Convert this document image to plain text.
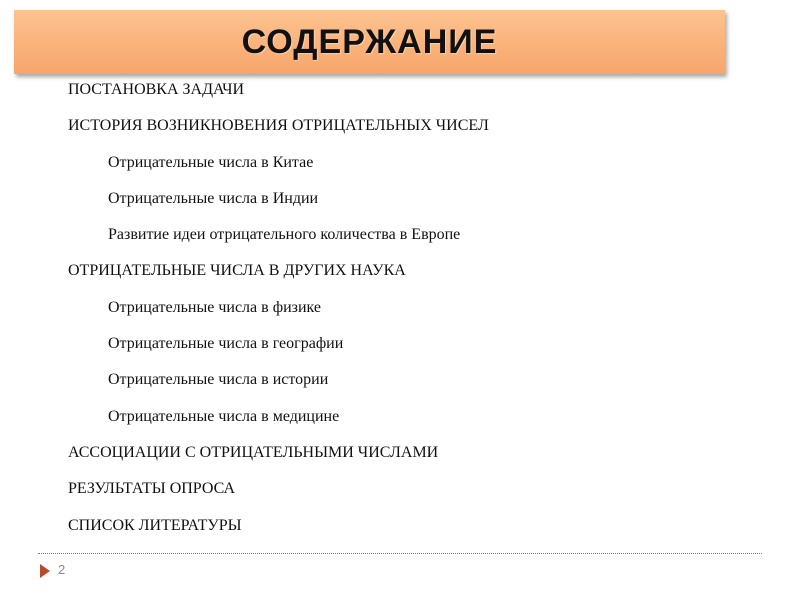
СОДЕРЖАНИЕ
ПОСТАНОВКА ЗАДАЧИ
ИСТОРИЯ ВОЗНИКНОВЕНИЯ ОТРИЦАТЕЛЬНЫХ ЧИСЕЛ
Отрицательные числа в Китае
Отрицательные числа в Индии
Развитие идеи отрицательного количества в Европе
ОТРИЦАТЕЛЬНЫЕ ЧИСЛА В ДРУГИХ НАУКА
Отрицательные числа в физике
Отрицательные числа в географии
Отрицательные числа в истории
Отрицательные числа в медицине
АССОЦИАЦИИ С ОТРИЦАТЕЛЬНЫМИ ЧИСЛАМИ
РЕЗУЛЬТАТЫ ОПРОСА
СПИСОК ЛИТЕРАТУРЫ
2
